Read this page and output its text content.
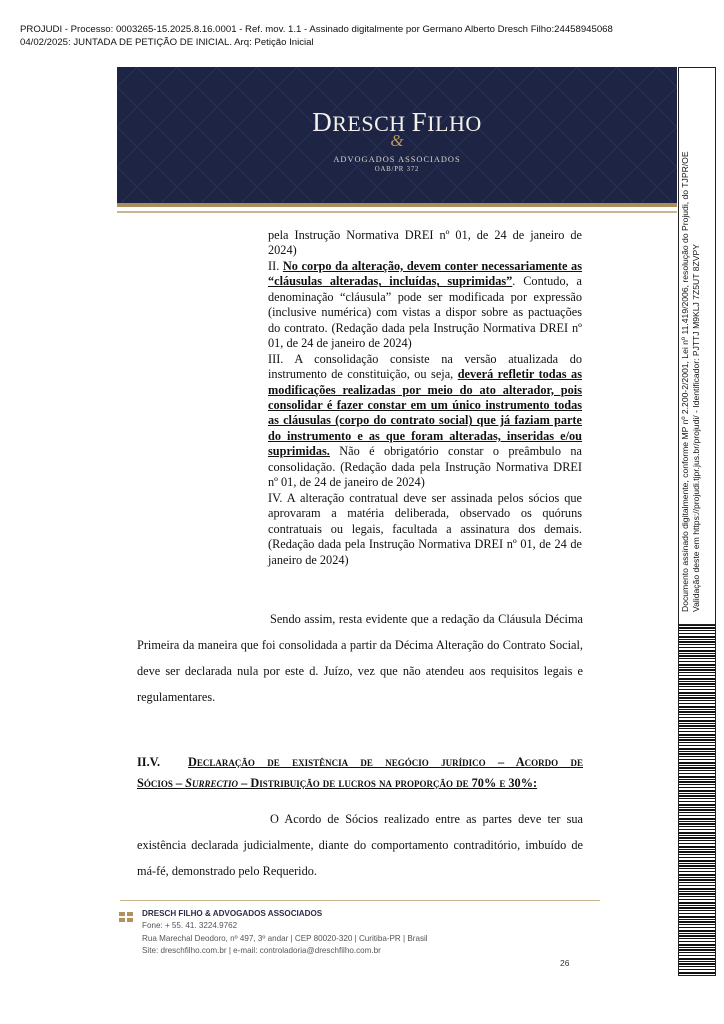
PROJUDI - Processo: 0003265-15.2025.8.16.0001 - Ref. mov. 1.1 - Assinado digitalmente por Germano Alberto Dresch Filho:24458945068
04/02/2025: JUNTADA DE PETIÇÃO DE INICIAL. Arq: Petição Inicial
DRESCH FILHO
&
ADVOGADOS ASSOCIADOS
OAB/PR 372
pela Instrução Normativa DREI nº 01, de 24 de janeiro de 2024)
II. No corpo da alteração, devem conter necessariamente as “cláusulas alteradas, incluídas, suprimidas”. Contudo, a denominação “cláusula” pode ser modificada por expressão (inclusive numérica) com vistas a dispor sobre as pactuações do contrato. (Redação dada pela Instrução Normativa DREI nº 01, de 24 de janeiro de 2024)
III. A consolidação consiste na versão atualizada do instrumento de constituição, ou seja, deverá refletir todas as modificações realizadas por meio do ato alterador, pois consolidar é fazer constar em um único instrumento todas as cláusulas (corpo do contrato social) que já faziam parte do instrumento e as que foram alteradas, inseridas e/ou suprimidas. Não é obrigatório constar o preâmbulo na consolidação. (Redação dada pela Instrução Normativa DREI nº 01, de 24 de janeiro de 2024)
IV. A alteração contratual deve ser assinada pelos sócios que aprovaram a matéria deliberada, observado os quóruns contratuais ou legais, facultada a assinatura dos demais. (Redação dada pela Instrução Normativa DREI nº 01, de 24 de janeiro de 2024)
Sendo assim, resta evidente que a redação da Cláusula Décima Primeira da maneira que foi consolidada a partir da Décima Alteração do Contrato Social, deve ser declarada nula por este d. Juízo, vez que não atendeu aos requisitos legais e regulamentares.
II.V.	Declaração de existência de negócio jurídico – Acordo de
Sócios – Surrectio – Distribuição de lucros na proporção de 70% e 30%:
O Acordo de Sócios realizado entre as partes deve ter sua existência declarada judicialmente, diante do comportamento contraditório, imbuído de má-fé, demonstrado pelo Requerido.
DRESCH FILHO & ADVOGADOS ASSOCIADOS
Fone: + 55. 41. 3224.9762
Rua Marechal Deodoro, nº 497, 3º andar | CEP 80020-320 | Curitiba-PR | Brasil
Site: dreschfilho.com.br | e-mail: controladoria@dreschfilho.com.br
26
Documento assinado digitalmente, conforme MP nº 2.200-2/2001, Lei nº 11.419/2006, resolução do Projudi, do TJPR/OE Validação deste em https://projudi.tjpr.jus.br/projudi/ - Identificador: PJTTJ M9KLJ 7Z5UT 8ZVPY
